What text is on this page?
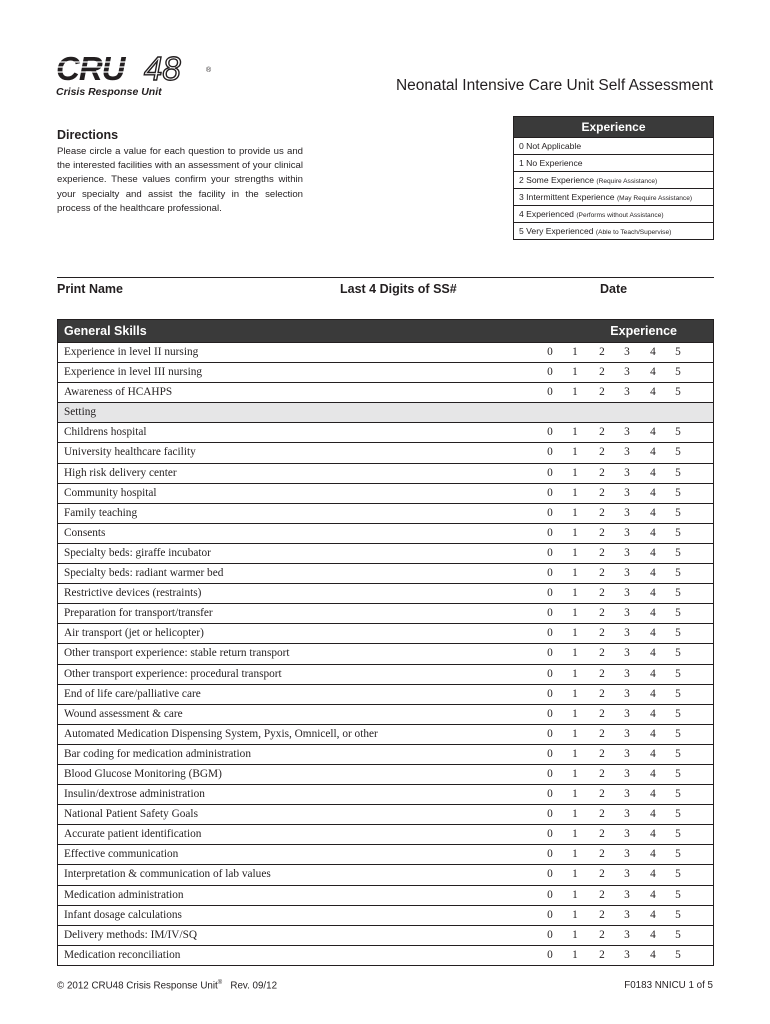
CRU 48	®
Crisis Response Unit	Neonatal Intensive Care Unit Self Assessment
Directions
Please circle a value for each question to provide us and the interested facilities with an assessment of your clinical experience. These values confirm your strengths within your specialty and assist the facility in the selection process of the healthcare professional.
Experience
0 Not Applicable
1 No Experience
2 Some Experience (Require Assistance)
3 Intermittent Experience (May Require Assistance)
4 Experienced (Performs without Assistance)
5 Very Experienced (Able to Teach/Supervise)
Print Name	Last 4 Digits of SS#	Date
General Skills	Experience
Experience in level II nursing	0 1 2 3 4 5
Experience in level III nursing	0 1 2 3 4 5
Awareness of HCAHPS	0 1 2 3 4 5
Setting
Childrens hospital	0 1 2 3 4 5
University healthcare facility	0 1 2 3 4 5
High risk delivery center	0 1 2 3 4 5
Community hospital	0 1 2 3 4 5
Family teaching	0 1 2 3 4 5
Consents	0 1 2 3 4 5
Specialty beds: giraffe incubator	0 1 2 3 4 5
Specialty beds: radiant warmer bed	0 1 2 3 4 5
Restrictive devices (restraints)	0 1 2 3 4 5
Preparation for transport/transfer	0 1 2 3 4 5
Air transport (jet or helicopter)	0 1 2 3 4 5
Other transport experience: stable return transport	0 1 2 3 4 5
Other transport experience: procedural transport	0 1 2 3 4 5
End of life care/palliative care	0 1 2 3 4 5
Wound assessment & care	0 1 2 3 4 5
Automated Medication Dispensing System, Pyxis, Omnicell, or other	0 1 2 3 4 5
Bar coding for medication administration	0 1 2 3 4 5
Blood Glucose Monitoring (BGM)	0 1 2 3 4 5
Insulin/dextrose administration	0 1 2 3 4 5
National Patient Safety Goals	0 1 2 3 4 5
Accurate patient identification	0 1 2 3 4 5
Effective communication	0 1 2 3 4 5
Interpretation & communication of lab values	0 1 2 3 4 5
Medication administration	0 1 2 3 4 5
Infant dosage calculations	0 1 2 3 4 5
Delivery methods: IM/IV/SQ	0 1 2 3 4 5
Medication reconciliation	0 1 2 3 4 5
© 2012 CRU48 Crisis Response Unit® Rev. 09/12	F0183 NNICU 1 of 5
